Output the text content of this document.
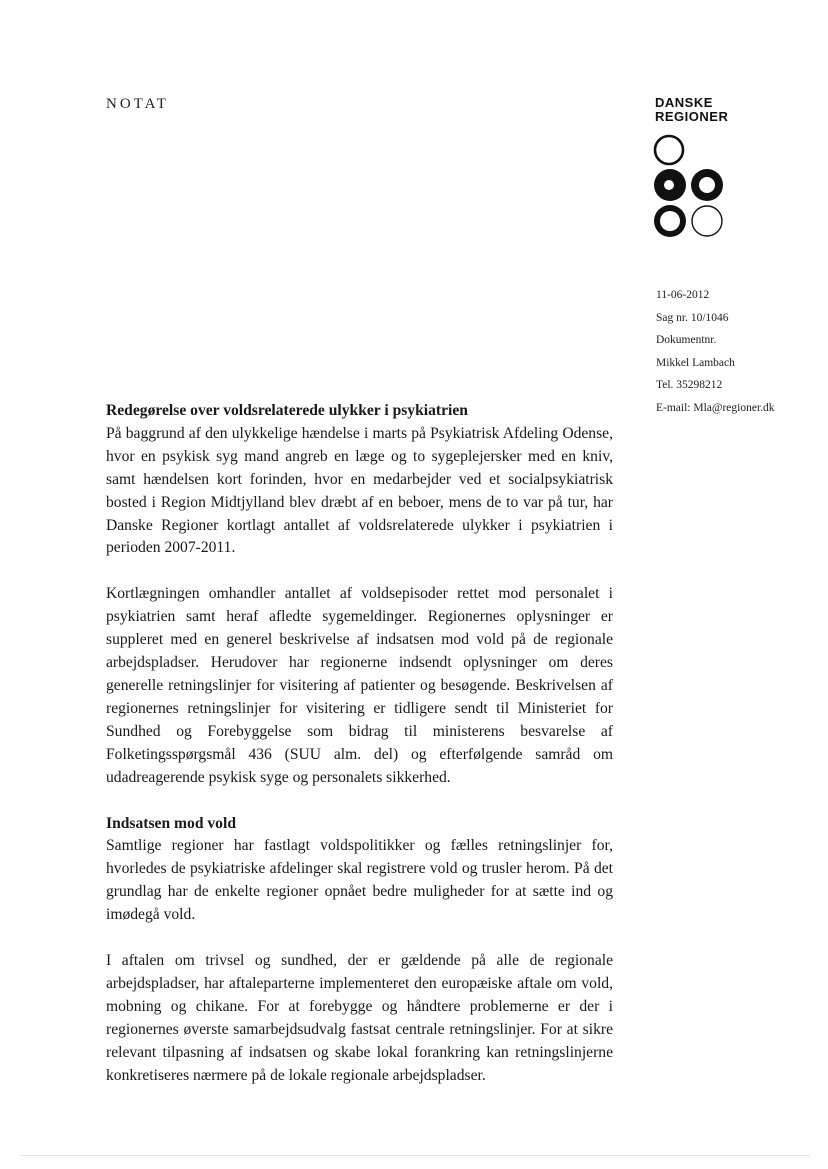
NOTAT	DANSKE
REGIONER
11-06-2012
Sag nr. 10/1046
Dokumentnr.
Mikkel Lambach
Tel. 35298212
E-mail: Mla@regioner.dk

Redegørelse over voldsrelaterede ulykker i psykiatrien

På baggrund af den ulykkelige hændelse i marts på Psykiatrisk Afdeling Odense, hvor en psykisk syg mand angreb en læge og to sygeplejersker med en kniv, samt hændelsen kort forinden, hvor en medarbejder ved et socialpsykiatrisk bosted i Region Midtjylland blev dræbt af en beboer, mens de to var på tur, har Danske Regioner kortlagt antallet af voldsrelaterede ulykker i psykiatrien i perioden 2007-2011.

Kortlægningen omhandler antallet af voldsepisoder rettet mod personalet i psykiatrien samt heraf afledte sygemeldinger. Regionernes oplysninger er suppleret med en generel beskrivelse af indsatsen mod vold på de regionale arbejdspladser. Herudover har regionerne indsendt oplysninger om deres generelle retningslinjer for visitering af patienter og besøgende. Beskrivelsen af regionernes retningslinjer for visitering er tidligere sendt til Ministeriet for Sundhed og Forebyggelse som bidrag til ministerens besvarelse af Folketingsspørgsmål 436 (SUU alm. del) og efterfølgende samråd om udadreagerende psykisk syge og personalets sikkerhed.

Indsatsen mod vold

Samtlige regioner har fastlagt voldspolitikker og fælles retningslinjer for, hvorledes de psykiatriske afdelinger skal registrere vold og trusler herom. På det grundlag har de enkelte regioner opnået bedre muligheder for at sætte ind og imødegå vold.

I aftalen om trivsel og sundhed, der er gældende på alle de regionale arbejdspladser, har aftaleparterne implementeret den europæiske aftale om vold, mobning og chikane. For at forebygge og håndtere problemerne er der i regionernes øverste samarbejdsudvalg fastsat centrale retningslinjer. For at sikre relevant tilpasning af indsatsen og skabe lokal forankring kan retningslinjerne konkretiseres nærmere på de lokale regionale arbejdspladser.
